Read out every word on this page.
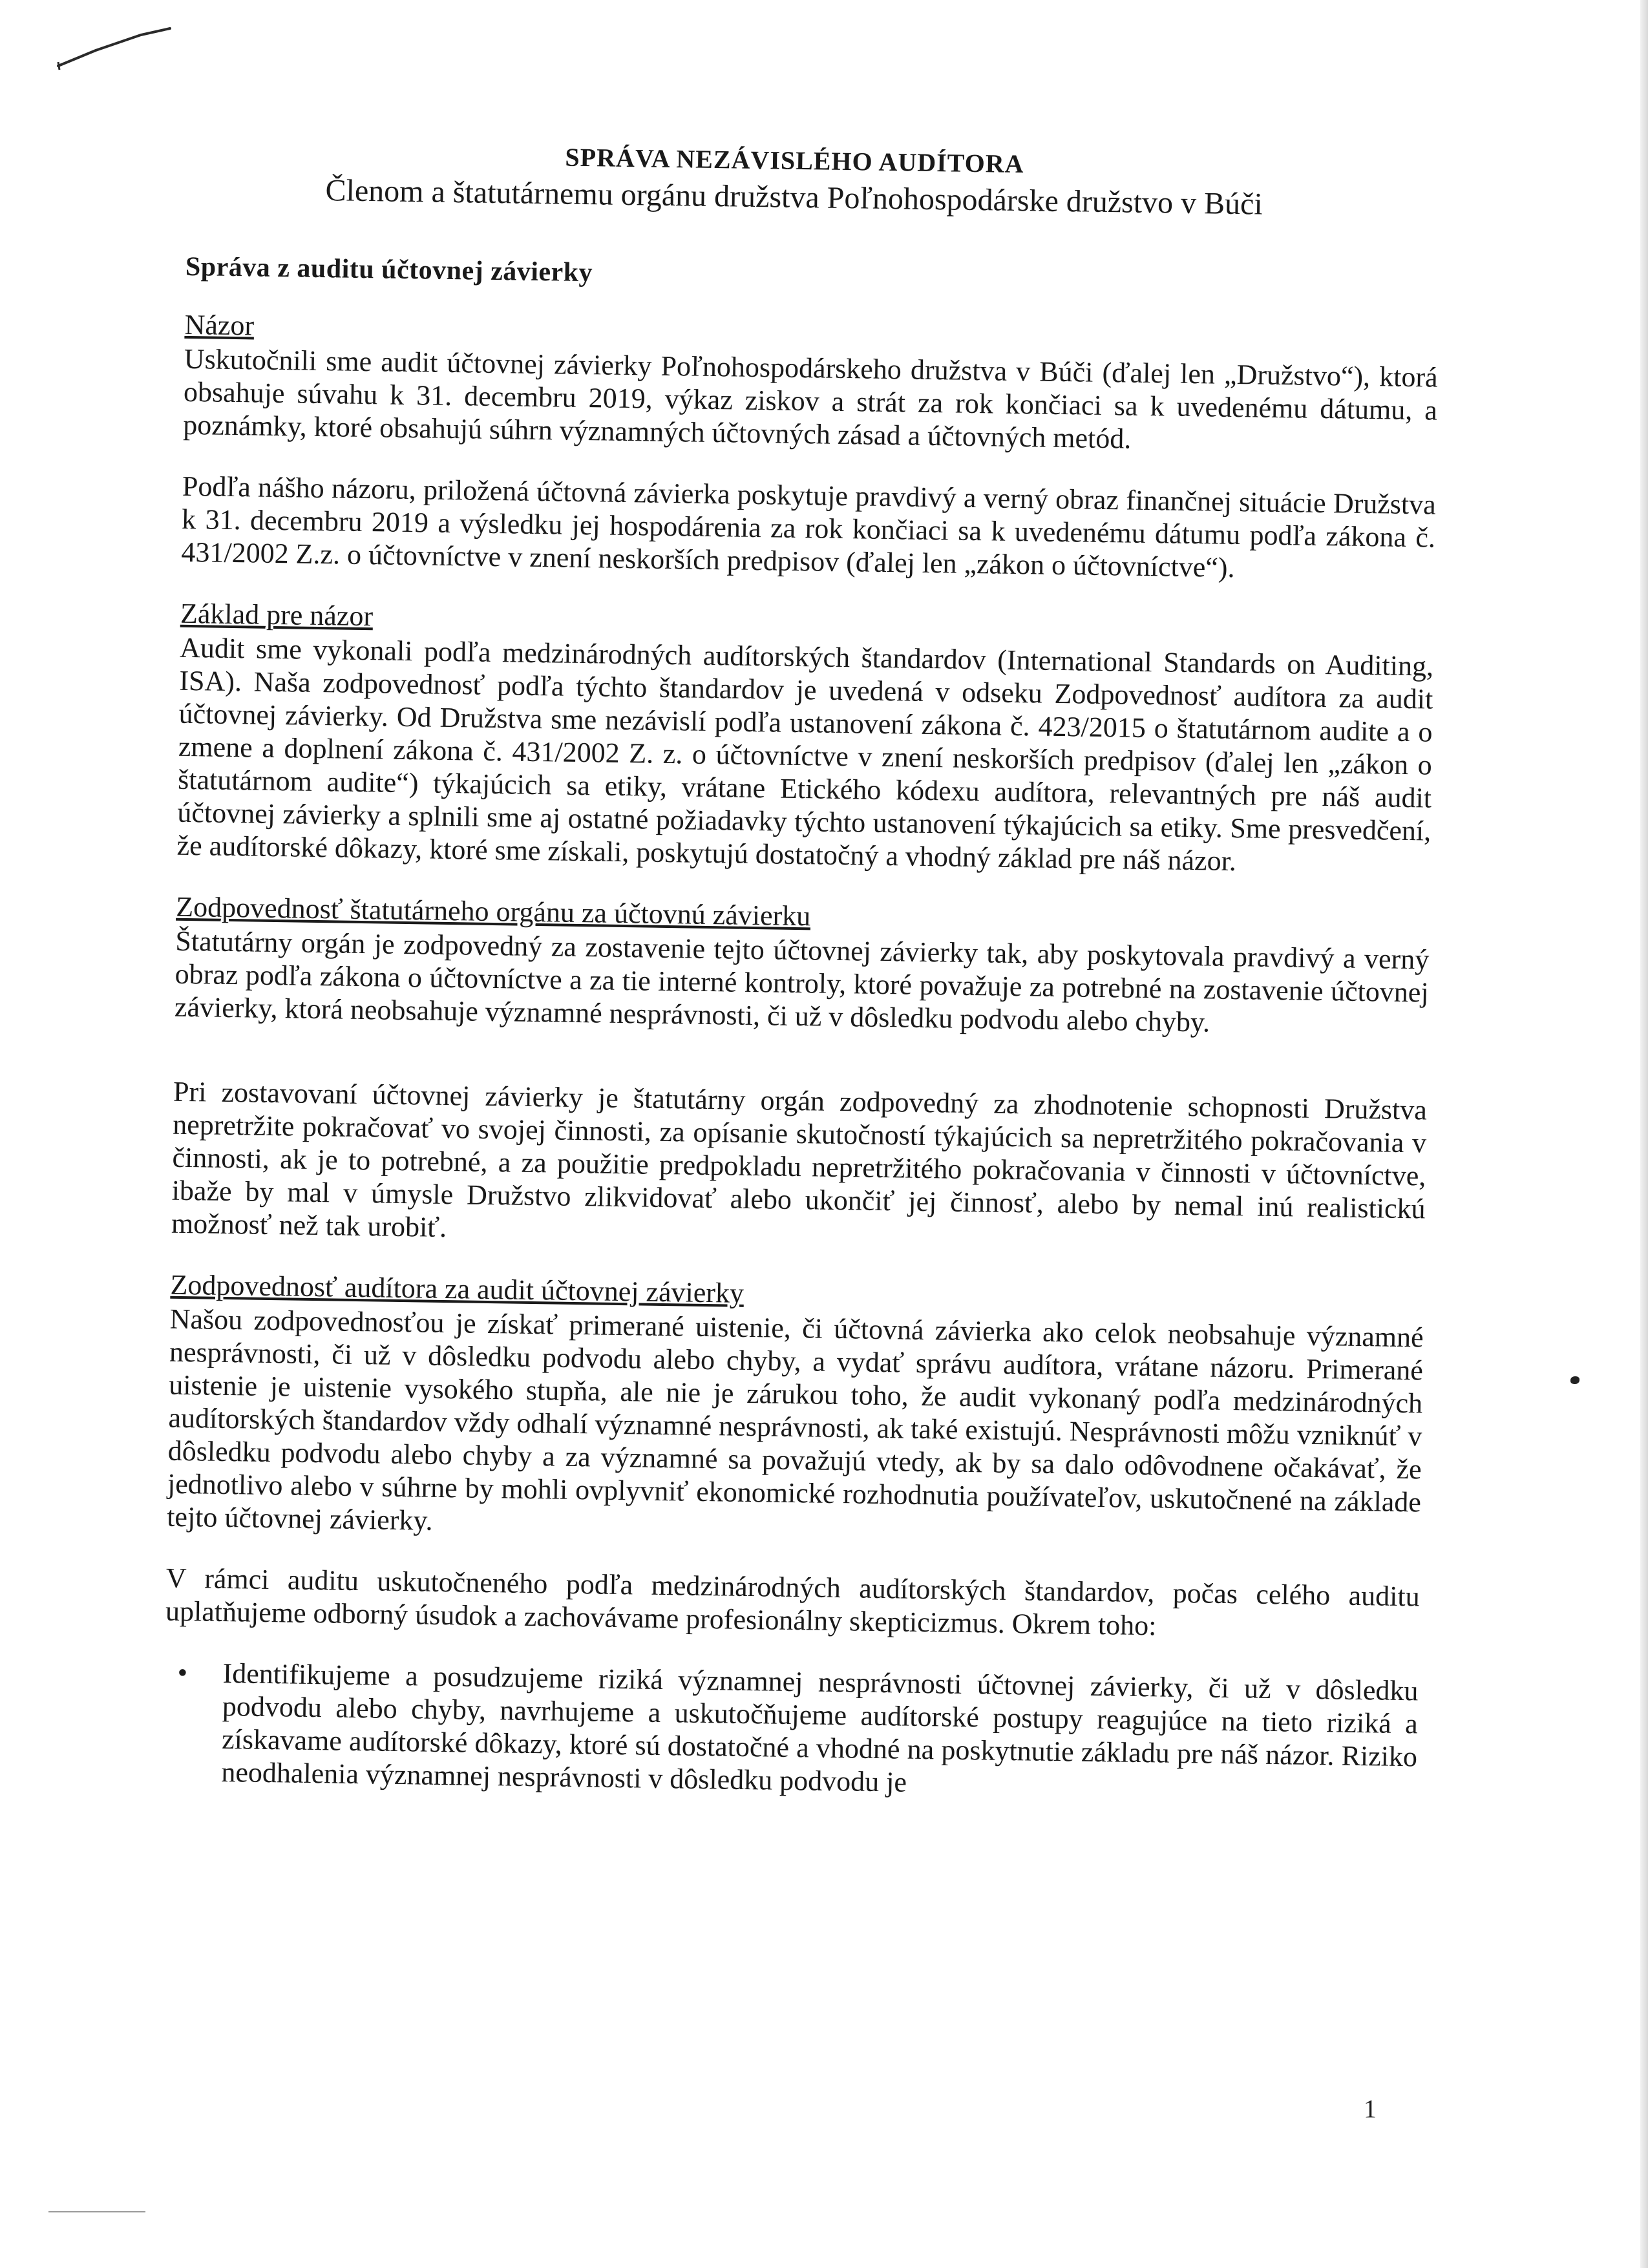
SPRÁVA NEZÁVISLÉHO AUDÍTORA
Členom a štatutárnemu orgánu družstva Poľnohospodárske družstvo v Búči
Správa z auditu účtovnej závierky
Názor

Uskutočnili sme audit účtovnej závierky Poľnohospodárskeho družstva v Búči (ďalej len „Družstvo“), ktorá obsahuje súvahu k 31. decembru 2019, výkaz ziskov a strát za rok končiaci sa k uvedenému dátumu, a poznámky, ktoré obsahujú súhrn významných účtovných zásad a účtovných metód.

Podľa nášho názoru, priložená účtovná závierka poskytuje pravdivý a verný obraz finančnej situácie Družstva k 31. decembru 2019 a výsledku jej hospodárenia za rok končiaci sa k uvedenému dátumu podľa zákona č. 431/2002 Z.z. o účtovníctve v znení neskorších predpisov (ďalej len „zákon o účtovníctve“).

Základ pre názor

Audit sme vykonali podľa medzinárodných audítorských štandardov (International Standards on Auditing, ISA). Naša zodpovednosť podľa týchto štandardov je uvedená v odseku Zodpovednosť audítora za audit účtovnej závierky. Od Družstva sme nezávislí podľa ustanovení zákona č. 423/2015 o štatutárnom audite a o zmene a doplnení zákona č. 431/2002 Z. z. o účtovníctve v znení neskorších predpisov (ďalej len „zákon o štatutárnom audite“) týkajúcich sa etiky, vrátane Etického kódexu audítora, relevantných pre náš audit účtovnej závierky a splnili sme aj ostatné požiadavky týchto ustanovení týkajúcich sa etiky. Sme presvedčení, že audítorské dôkazy, ktoré sme získali, poskytujú dostatočný a vhodný základ pre náš názor.

Zodpovednosť štatutárneho orgánu za účtovnú závierku

Štatutárny orgán je zodpovedný za zostavenie tejto účtovnej závierky tak, aby poskytovala pravdivý a verný obraz podľa zákona o účtovníctve a za tie interné kontroly, ktoré považuje za potrebné na zostavenie účtovnej závierky, ktorá neobsahuje významné nesprávnosti, či už v dôsledku podvodu alebo chyby.

Pri zostavovaní účtovnej závierky je štatutárny orgán zodpovedný za zhodnotenie schopnosti Družstva nepretržite pokračovať vo svojej činnosti, za opísanie skutočností týkajúcich sa nepretržitého pokračovania v činnosti, ak je to potrebné, a za použitie predpokladu nepretržitého pokračovania v činnosti v účtovníctve, ibaže by mal v úmysle Družstvo zlikvidovať alebo ukončiť jej činnosť, alebo by nemal inú realistickú možnosť než tak urobiť.

Zodpovednosť audítora za audit účtovnej závierky

Našou zodpovednosťou je získať primerané uistenie, či účtovná závierka ako celok neobsahuje významné nesprávnosti, či už v dôsledku podvodu alebo chyby, a vydať správu audítora, vrátane názoru. Primerané uistenie je uistenie vysokého stupňa, ale nie je zárukou toho, že audit vykonaný podľa medzinárodných audítorských štandardov vždy odhalí významné nesprávnosti, ak také existujú. Nesprávnosti môžu vzniknúť v dôsledku podvodu alebo chyby a za významné sa považujú vtedy, ak by sa dalo odôvodnene očakávať, že jednotlivo alebo v súhrne by mohli ovplyvniť ekonomické rozhodnutia používateľov, uskutočnené na základe tejto účtovnej závierky.

V rámci auditu uskutočneného podľa medzinárodných audítorských štandardov, počas celého auditu uplatňujeme odborný úsudok a zachovávame profesionálny skepticizmus. Okrem toho:

• Identifikujeme a posudzujeme riziká významnej nesprávnosti účtovnej závierky, či už v dôsledku podvodu alebo chyby, navrhujeme a uskutočňujeme audítorské postupy reagujúce na tieto riziká a získavame audítorské dôkazy, ktoré sú dostatočné a vhodné na poskytnutie základu pre náš názor. Riziko neodhalenia významnej nesprávnosti v dôsledku podvodu je
1
